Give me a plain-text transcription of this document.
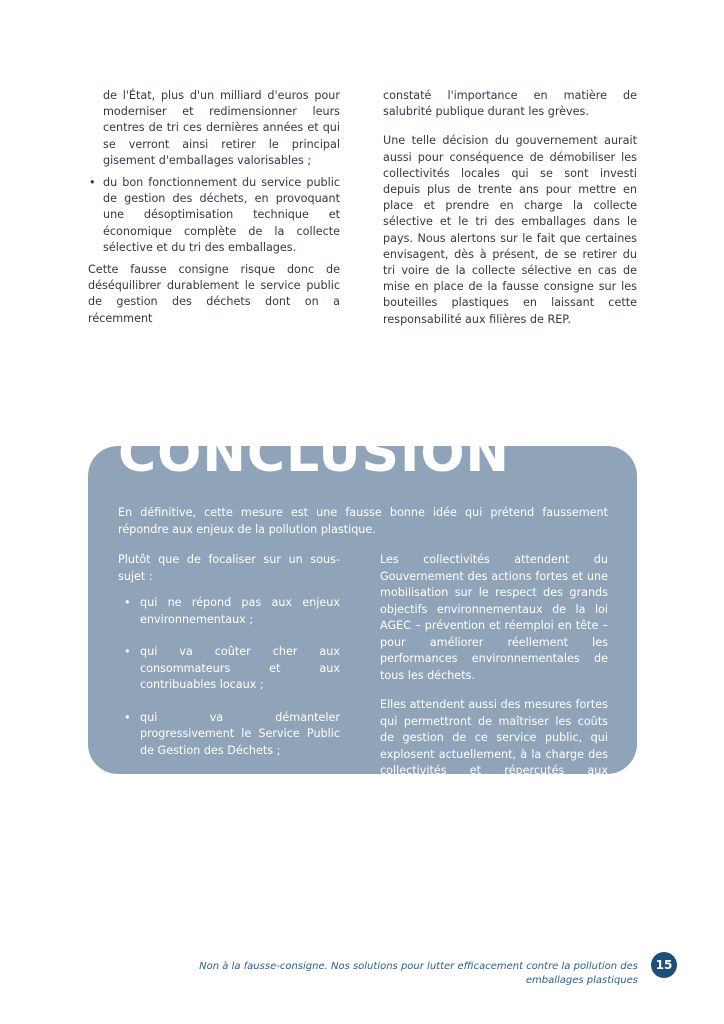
de l'État, plus d'un milliard d'euros pour moderniser et redimensionner leurs centres de tri ces dernières années et qui se verront ainsi retirer le principal gisement d'emballages valorisables ;

• du bon fonctionnement du service public de gestion des déchets, en provoquant une désoptimisation technique et économique complète de la collecte sélective et du tri des emballages.

Cette fausse consigne risque donc de déséquilibrer durablement le service public de gestion des déchets dont on a récemment

constaté l'importance en matière de salubrité publique durant les grèves.

Une telle décision du gouvernement aurait aussi pour conséquence de démobiliser les collectivités locales qui se sont investi depuis plus de trente ans pour mettre en place et prendre en charge la collecte sélective et le tri des emballages dans le pays. Nous alertons sur le fait que certaines envisagent, dès à présent, de se retirer du tri voire de la collecte sélective en cas de mise en place de la fausse consigne sur les bouteilles plastiques en laissant cette responsabilité aux filières de REP.

CONCLUSION

En définitive, cette mesure est une fausse bonne idée qui prétend faussement répondre aux enjeux de la pollution plastique.

Plutôt que de focaliser sur un sous-sujet :

• qui ne répond pas aux enjeux environnementaux ;
• qui va coûter cher aux consommateurs et aux contribuables locaux ;
• qui va démanteler progressivement le Service Public de Gestion des Déchets ;
• qui va perturber fortement le geste de tri simplifié des Français.

Les collectivités attendent du Gouvernement des actions fortes et une mobilisation sur le respect des grands objectifs environnementaux de la loi AGEC – prévention et réemploi en tête – pour améliorer réellement les performances environnementales de tous les déchets.

Elles attendent aussi des mesures fortes qui permettront de maîtriser les coûts de gestion de ce service public, qui explosent actuellement, à la charge des collectivités et répercutés aux contribuables.

Non à la fausse-consigne. Nos solutions pour lutter efficacement contre la pollution des emballages plastiques
15
